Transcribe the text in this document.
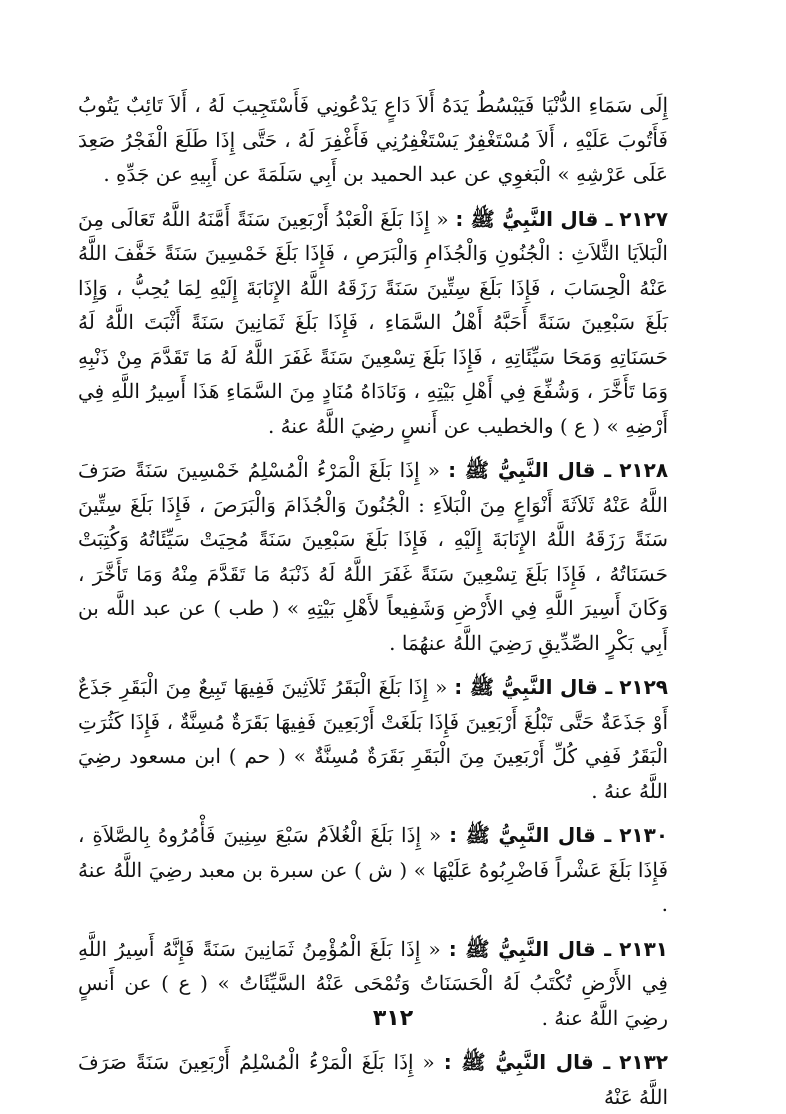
إِلَى سَمَاءِ الدُّنْيَا فَيَبْسُطُ يَدَهُ أَلاَ دَاعٍ يَدْعُونِي فَأَسْتَجِيبَ لَهُ ، أَلاَ تَائِبٌ يَتُوبُ فَأَتُوبَ عَلَيْهِ ، أَلاَ مُسْتَغْفِرٌ يَسْتَغْفِرُنِي فَأَغْفِرَ لَهُ ، حَتَّى إِذَا طَلَعَ الْفَجْرُ صَعِدَ عَلَى عَرْشِهِ » الْبَغوِي عن عبد الحميد بن أَبِي سَلَمَةَ عن أَبِيهِ عن جَدِّهِ .

٢١٢٧ ـ قال النَّبِيُّ ﷺ : « إِذَا بَلَغَ الْعَبْدُ أَرْبَعِينَ سَنَةً أَمَّنَهُ اللَّهُ تَعَالَى مِنَ الْبَلاَيَا الثَّلاَثِ : الْجُنُونِ وَالْجُذَامِ وَالْبَرَصِ ، فَإِذَا بَلَغَ خَمْسِينَ سَنَةً خَفَّفَ اللَّهُ عَنْهُ الْحِسَابَ ، فَإِذَا بَلَغَ سِتِّينَ سَنَةً رَزَقَهُ اللَّهُ الإِنَابَةَ إِلَيْهِ لِمَا يُحِبُّ ، وَإِذَا بَلَغَ سَبْعِينَ سَنَةً أَحَبَّهُ أَهْلُ السَّمَاءِ ، فَإِذَا بَلَغَ ثَمَانِينَ سَنَةً أَثْبَتَ اللَّهُ لَهُ حَسَنَاتِهِ وَمَحَا سَيِّئَاتِهِ ، فَإِذَا بَلَغَ تِسْعِينَ سَنَةً غَفَرَ اللَّهُ لَهُ مَا تَقَدَّمَ مِنْ ذَنْبِهِ وَمَا تَأَخَّرَ ، وَشُفِّعَ فِي أَهْلِ بَيْتِهِ ، وَنَادَاهُ مُنَادٍ مِنَ السَّمَاءِ هَذَا أَسِيرُ اللَّهِ فِي أَرْضِهِ » ( ع ) والخطيب عن أَنسٍ رضِيَ اللَّهُ عنهُ .

٢١٢٨ ـ قال النَّبِيُّ ﷺ : « إِذَا بَلَغَ الْمَرْءُ الْمُسْلِمُ خَمْسِينَ سَنَةً صَرَفَ اللَّهُ عَنْهُ ثَلاَثَةَ أَنْوَاعٍ مِنَ الْبَلاَءِ : الْجُنُونَ وَالْجُذَامَ وَالْبَرَصَ ، فَإِذَا بَلَغَ سِتِّينَ سَنَةً رَزَقَهُ اللَّهُ الإِنَابَةَ إِلَيْهِ ، فَإِذَا بَلَغَ سَبْعِينَ سَنَةً مُحِيَتْ سَيِّئَاتُهُ وَكُتِبَتْ حَسَنَاتُهُ ، فَإِذَا بَلَغَ تِسْعِينَ سَنَةً غَفَرَ اللَّهُ لَهُ ذَنْبَهُ مَا تَقَدَّمَ مِنْهُ وَمَا تَأَخَّرَ ، وَكَانَ أَسِيرَ اللَّهِ فِي الأَرْضِ وَشَفِيعاً لأَهْلِ بَيْتِهِ » ( طب ) عن عبد اللَّه بن أَبِي بَكْرٍ الصِّدِّيقِ رَضِيَ اللَّهُ عنهُمَا .

٢١٢٩ ـ قال النَّبِيُّ ﷺ : « إِذَا بَلَغَ الْبَقَرُ ثَلاَثِينَ فَفِيهَا تَبِيعٌ مِنَ الْبَقَرِ جَذَعٌ أَوْ جَذَعَةٌ حَتَّى تَبْلُغَ أَرْبَعِينَ فَإِذَا بَلَغَتْ أَرْبَعِينَ فَفِيهَا بَقَرَةٌ مُسِنَّةٌ ، فَإِذَا كَثُرَتِ الْبَقَرُ فَفِي كُلِّ أَرْبَعِينَ مِنَ الْبَقَرِ بَقَرَةٌ مُسِنَّةٌ » ( حم ) ابن مسعود رضِيَ اللَّهُ عنهُ .

٢١٣٠ ـ قال النَّبِيُّ ﷺ : « إِذَا بَلَغَ الْغُلاَمُ سَبْعَ سِنِينَ فَأْمُرُوهُ بِالصَّلاَةِ ، فَإِذَا بَلَغَ عَشْراً فَاضْرِبُوهُ عَلَيْهَا » ( ش ) عن سبرة بن معبد رضِيَ اللَّهُ عنهُ .

٢١٣١ ـ قال النَّبِيُّ ﷺ : « إِذَا بَلَغَ الْمُؤْمِنُ ثَمَانِينَ سَنَةً فَإِنَّهُ أَسِيرُ اللَّهِ فِي الأَرْضِ تُكْتَبُ لَهُ الْحَسَنَاتُ وَتُمْحَى عَنْهُ السَّيِّئَاتُ » ( ع ) عن أَنسٍ رضِيَ اللَّهُ عنهُ .

٢١٣٢ ـ قال النَّبِيُّ ﷺ : « إِذَا بَلَغَ الْمَرْءُ الْمُسْلِمُ أَرْبَعِينَ سَنَةً صَرَفَ اللَّهُ عَنْهُ

٣١٢
